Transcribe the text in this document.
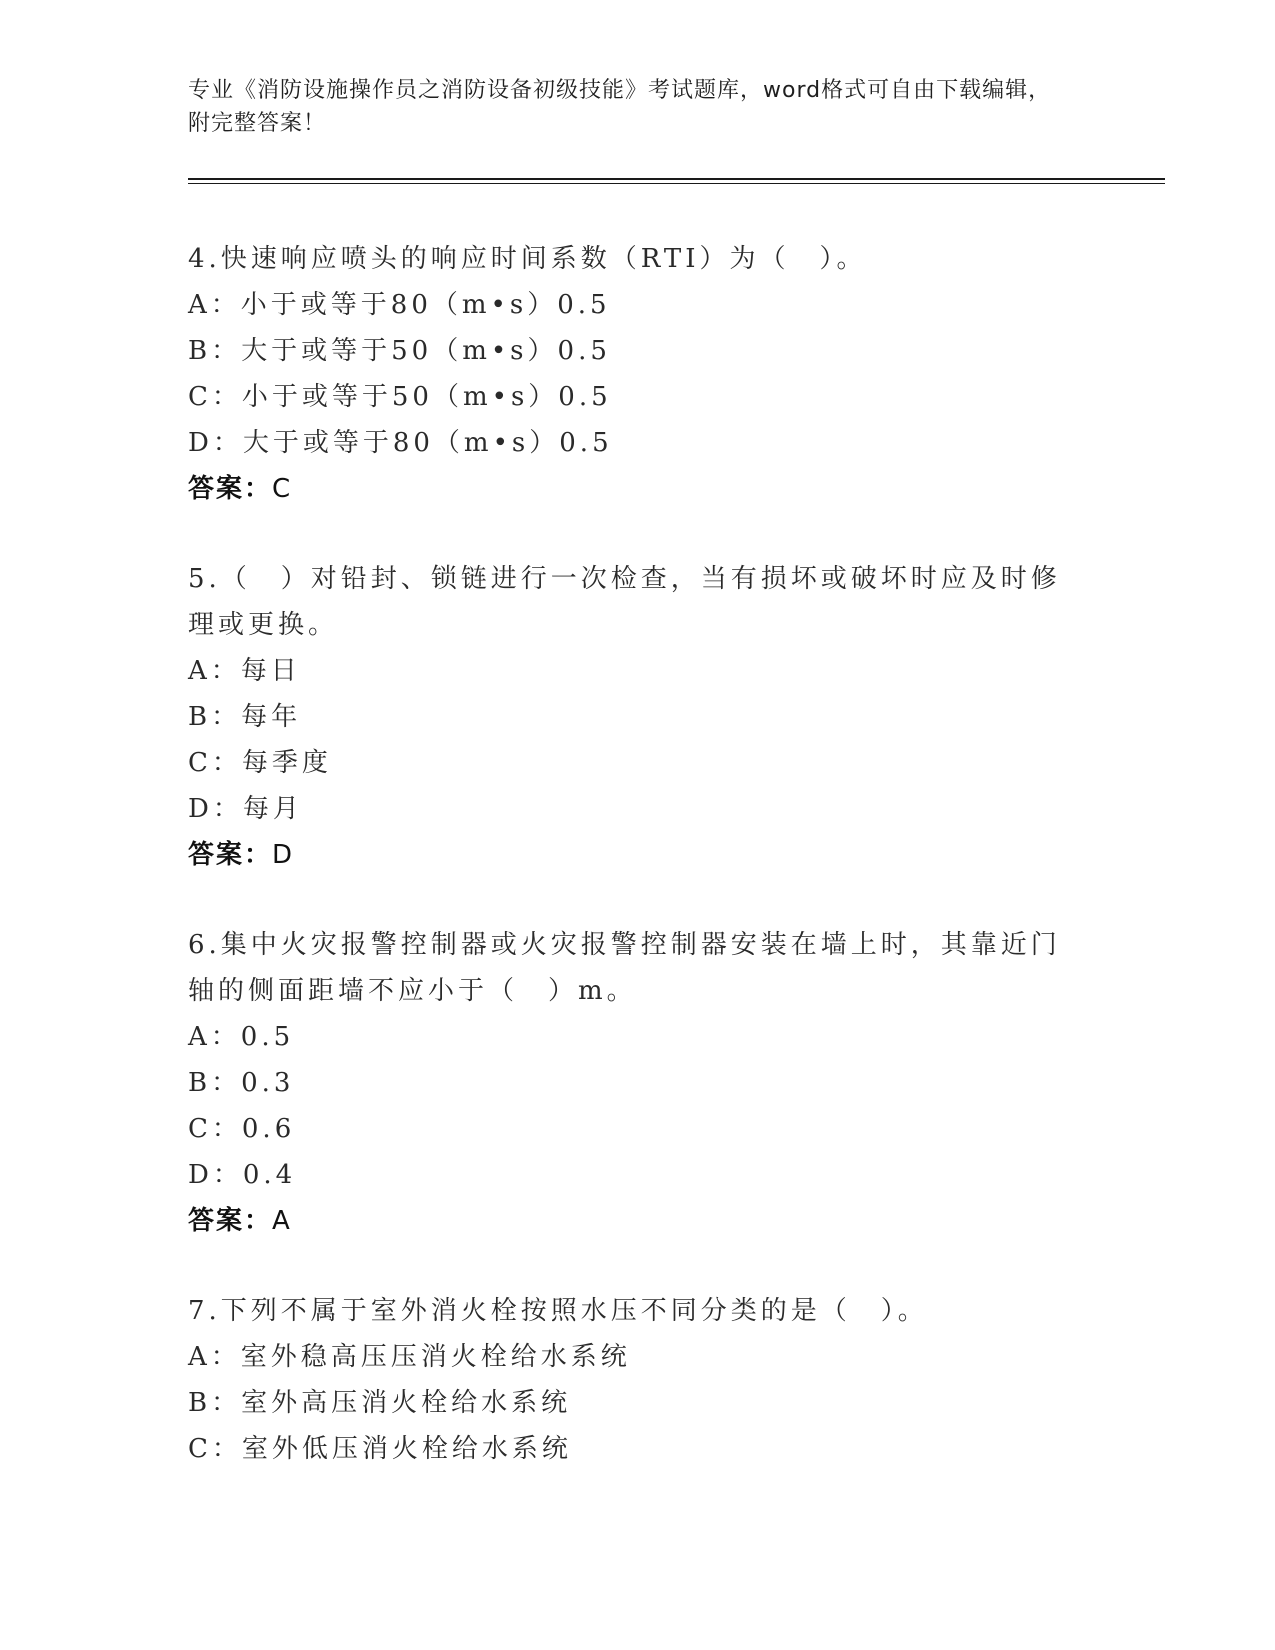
专业《消防设施操作员之消防设备初级技能》考试题库，word格式可自由下载编辑，附完整答案！

4.快速响应喷头的响应时间系数（RTI）为（　）。

A：小于或等于80（m•s）0.5

B：大于或等于50（m•s）0.5

C：小于或等于50（m•s）0.5

D：大于或等于80（m•s）0.5

答案：C

5.（　）对铅封、锁链进行一次检查，当有损坏或破坏时应及时修理或更换。

A：每日

B：每年

C：每季度

D：每月

答案：D

6.集中火灾报警控制器或火灾报警控制器安装在墙上时，其靠近门轴的侧面距墙不应小于（　）m。

A：0.5

B：0.3

C：0.6

D：0.4

答案：A

7.下列不属于室外消火栓按照水压不同分类的是（　）。

A：室外稳高压压消火栓给水系统

B：室外高压消火栓给水系统

C：室外低压消火栓给水系统
